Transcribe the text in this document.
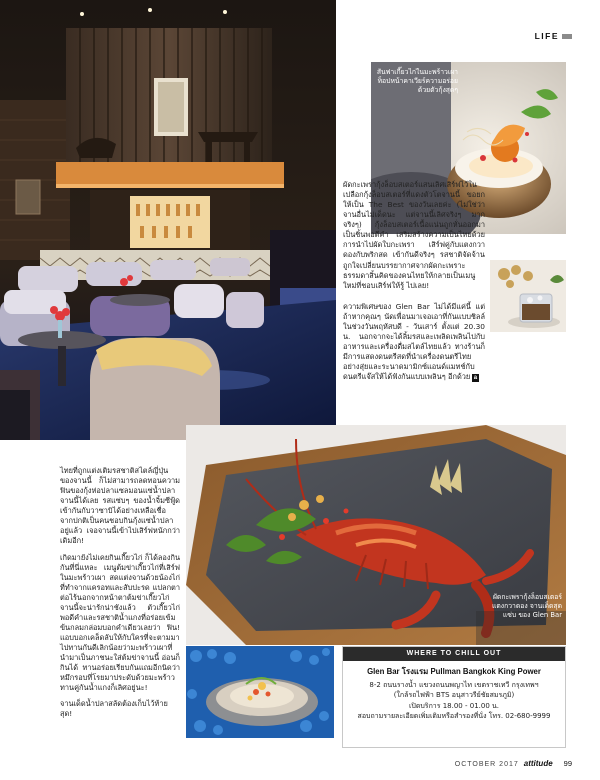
LIFE
สันฟาเกี๊ยวไก่ในมะพร้าวเผา ท็อปหน้าคาเวียร์ความอร่อย ด้วยตัวกุ้งสุดๆ

ผัดกะเพรากุ้งล็อบสเตอร์แสนเลิศเสิร์ฟไว้ในเปลือกกุ้งล็อบสเตอร์ที่แดงตัวโตจานนี้ ขอยกให้เป็น The Best ของวันเลยค่ะ (ไม่ใช่ว่าจานอื่นไม่เด็ดนะ แต่จานนี้เลิศจริงๆ มากจริงๆ) กุ้งล็อบสเตอร์เนื้อแน่นถูกหั่นออกมาเป็นชิ้นพอดีคำ เสริมสร้างความเป็นไทยด้วยการนำไปผัดใบกะเพรา เสิร์ฟคู่กับแตงกวาดองกับพริกสด เข้ากันดีจริงๆ รสชาติจัดจ้าน ถูกใจเปลี่ยนบรรยากาศจากผัดกะเพราะธรรมดาสิ้นคิดของคนไทยให้กลายเป็นเมนูใหม่ที่ชอบเสิร์ฟให้รู้ ไปเลย!

ความพิเศษของ Glen Bar ไม่ได้มีแค่นี้ แต่ ถ้าหากคุณๆ นัดเพื่อนมาเจอเอาที่กันแบบชิลล์ในช่วงวันพฤหัสบดี - วันเสาร์ ตั้งแต่ 20.30 น. นอกจากจะได้ลิ้มรสและเพลิดเพลินไปกับอาหารและเครื่องดื่มสไตล์ไทยแล้ว ทางร้านก็มีการแสดงดนตรีสดที่นำเครื่องดนตรีไทยอย่างสุ่ยและระนาดมามิกซ์แอนด์แมทช์กับดนตรีแจ๊สให้ได้ฟังกันแบบเพลินๆ อีกด้วย a

ผัดกะเพรากุ้งล็อบสเตอร์ แตงกวาดอง จานเด็ดสุดแซ่บ ของ Glen Bar

ไทยที่ถูกแต่งเติมรสชาติสไตล์ญี่ปุ่นของจานนี้ ก็ไม่สามารถลดทอนความฟินของกุ้งห่อปลาแซลมอนแซ่น้ำปลาจานนี้ได้เลย รสแซ่บๆ ของน้ำจิ้มซีฟู้ดเข้ากันกับวาซาบิได้อย่างเหลือเชื่อ จากปกติเป็นคนชอบกินกุ้งแซ่น้ำปลาอยู่แล้ว เจอจานนี้เข้าไปเสิร์ฟหนักกว่าเดิมอีก!

เกิดมายังไม่เคยกินเกี๊ยวไก่ ก็ได้ลองกินกันที่นี่แหละ เมนูต้มข่าเกี๊ยวไก่ที่เสิร์ฟในมะพร้าวเผา สดแต่งจานด้วยน้องไก่ที่ทำจากแครอทและสับปะรด แปลกตาต่อไร้นอกจากหน้าตาต้มข่าเกี๊ยวไก่จานนี้จะน่ารักน่าชังแล้ว ตัวเกี๊ยวไก่พอดีคำและรสชาติน้ำแกงที่อร่อยเข้มข้นกลมกล่อมบอกคำเดียวเลยว่า ฟิน! แอบบอกเคล็ดลับให้กับใครที่จะตามมาไปทานกันดีเลิกน้อยว่ามะพร้าวเผาที่นำมาเป็นภาชนะใส่ต้มข่าจานนี้ อ่อนก็กินได้ ทานอร่อยเรียบกันแถมอีกนิดว่าหมึกรอบที่โรยมาประดับด้วยมะพร้าว ทานคู่กันน้ำแกงก็เลิศอยู่นะ!

จานเด็ดน้ำปลาสลัดต้องเก็บไว้ท้ายสุด!

WHERE TO CHILL OUT
Glen Bar โรงแรม Pullman Bangkok King Power
8-2 ถนนรางน้ำ แขวงถนนพญาไท เขตราชเทวี กรุงเทพฯ
(ใกล้รถไฟฟ้า BTS อนุสาวรีย์ชัยสมรภูมิ)
เปิดบริการ 18.00 - 01.00 น.
สอบถามรายละเอียดเพิ่มเติมหรือสำรองที่นั่ง โทร. 02-680-9999
OCTOBER 2017 attitude 99
